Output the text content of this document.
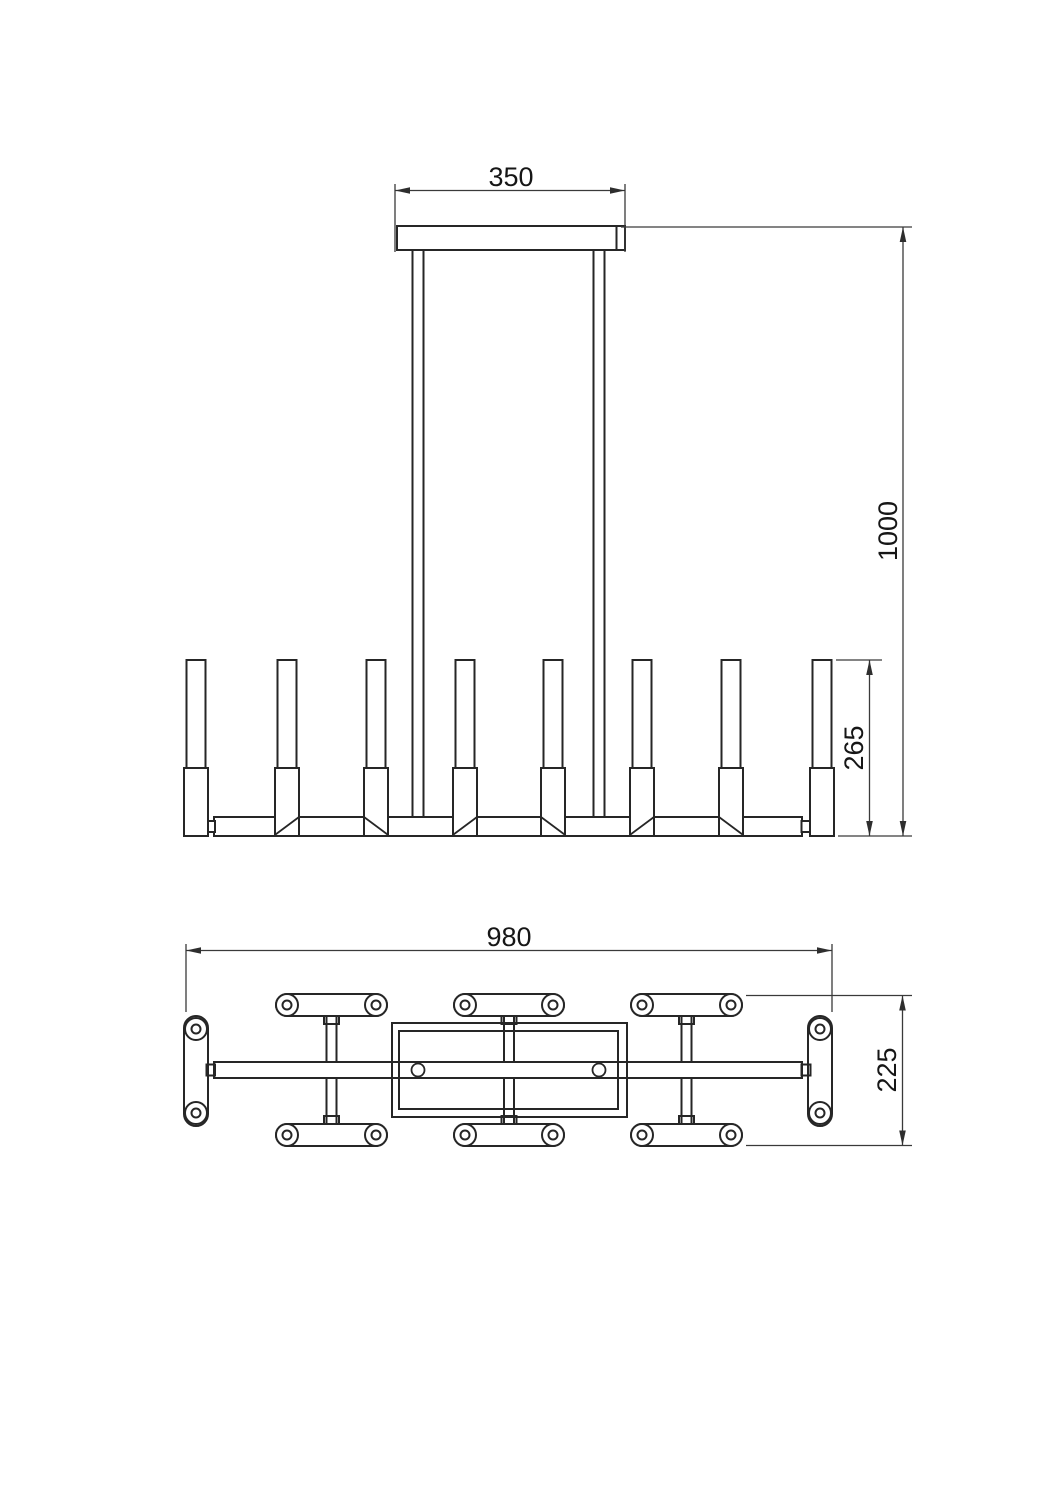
350
1000
265
980
225
